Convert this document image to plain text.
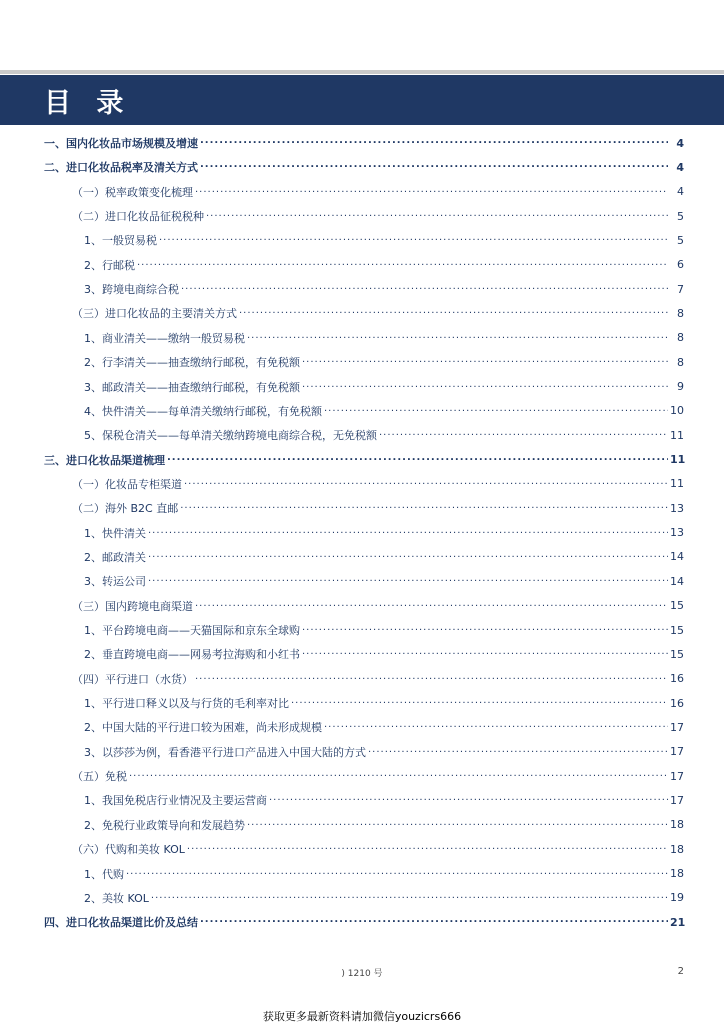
目 录
一、国内化妆品市场规模及增速 .....	4
二、进口化妆品税率及清关方式 .....	4
（一）税率政策变化梳理 .....	4
（二）进口化妆品征税税种 .....	5
1、一般贸易税 .....	5
2、行邮税 .....	6
3、跨境电商综合税 .....	7
（三）进口化妆品的主要清关方式 .....	8
1、商业清关——缴纳一般贸易税 .....	8
2、行李清关——抽查缴纳行邮税，有免税额 .....	8
3、邮政清关——抽查缴纳行邮税，有免税额 .....	9
4、快件清关——每单清关缴纳行邮税，有免税额 .....	10
5、保税仓清关——每单清关缴纳跨境电商综合税，无免税额 .....	11
三、进口化妆品渠道梳理 .....	11
（一）化妆品专柜渠道 .....	11
（二）海外 B2C 直邮 .....	13
1、快件清关 .....	13
2、邮政清关 .....	14
3、转运公司 .....	14
（三）国内跨境电商渠道 .....	15
1、平台跨境电商——天猫国际和京东全球购 .....	15
2、垂直跨境电商——网易考拉海购和小红书 .....	15
（四）平行进口（水货） .....	16
1、平行进口释义以及与行货的毛利率对比 .....	16
2、中国大陆的平行进口较为困难，尚未形成规模 .....	17
3、以莎莎为例，看香港平行进口产品进入中国大陆的方式 .....	17
（五）免税 .....	17
1、我国免税店行业情况及主要运营商 .....	17
2、免税行业政策导向和发展趋势 .....	18
（六）代购和美妆 KOL .....	18
1、代购 .....	18
2、美妆 KOL .....	19
四、进口化妆品渠道比价及总结 .....	21
) 1210 号	2
获取更多最新资料请加微信youzicrs666
